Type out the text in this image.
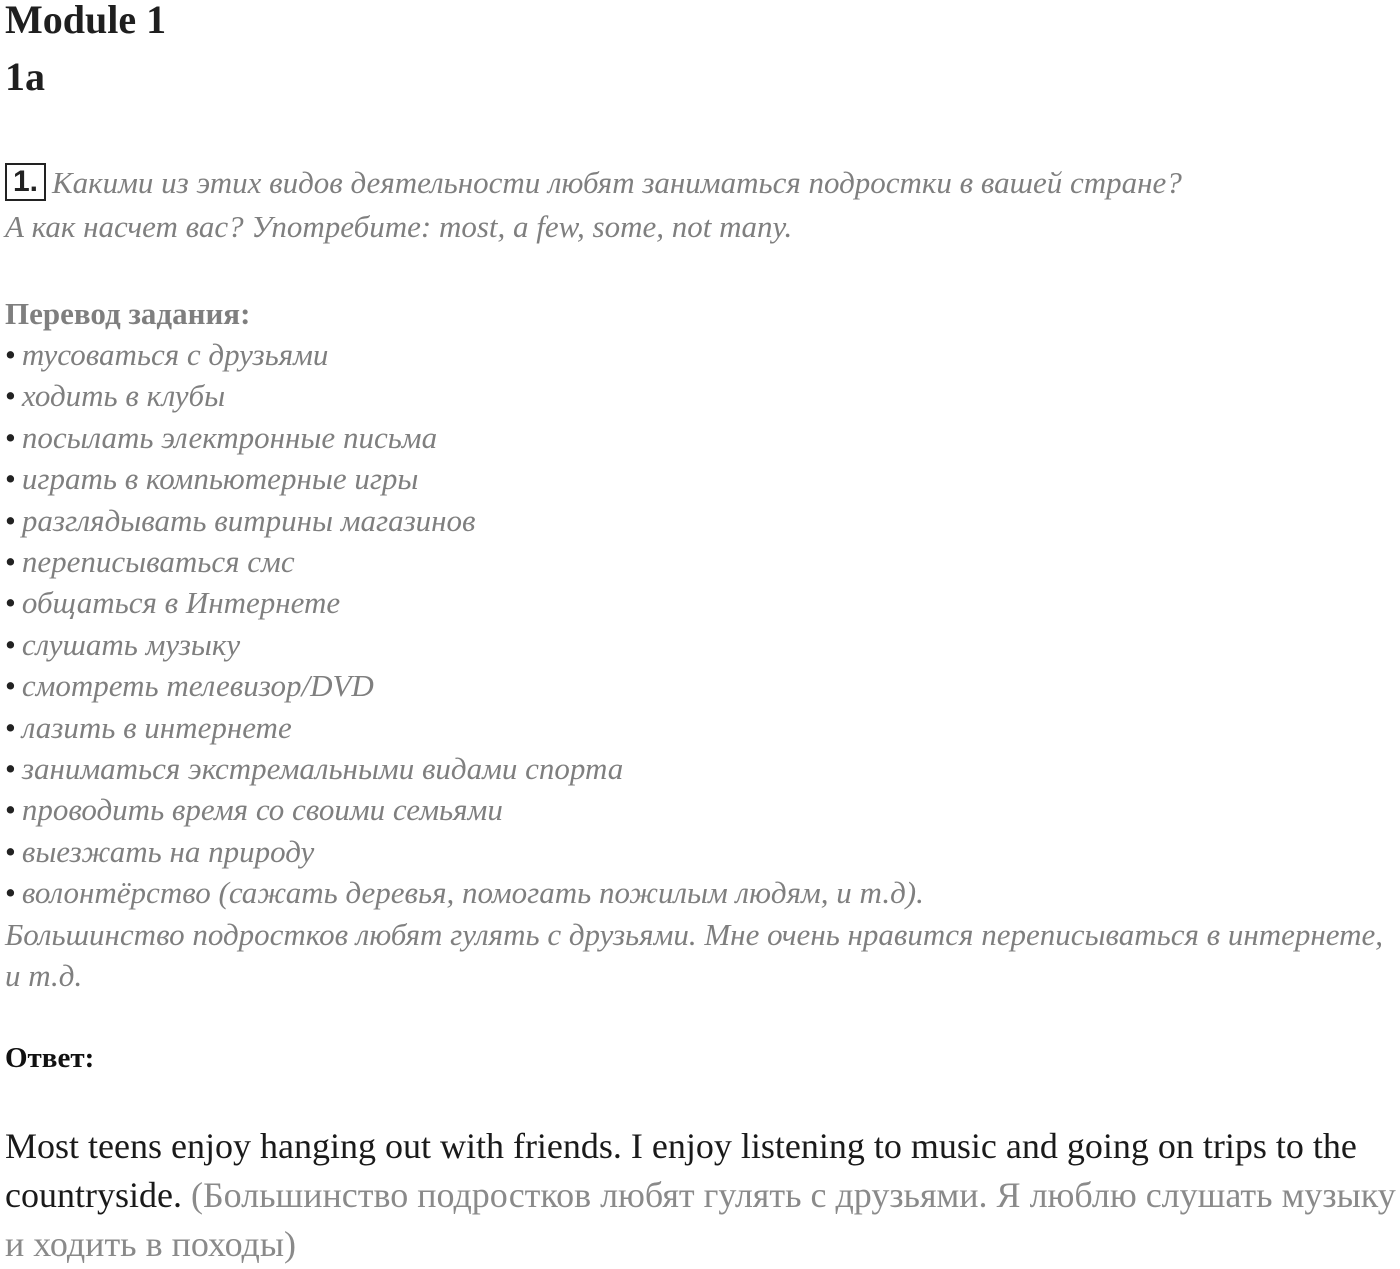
Module 1
1a
1. Какими из этих видов деятельности любят заниматься подростки в вашей стране?
А как насчет вас? Употребите: most, a few, some, not many.
Перевод задания:
• тусоваться с друзьями
• ходить в клубы
• посылать электронные письма
• играть в компьютерные игры
• разглядывать витрины магазинов
• переписываться смс
• общаться в Интернете
• слушать музыку
• смотреть телевизор/DVD
• лазить в интернете
• заниматься экстремальными видами спорта
• проводить время со своими семьями
• выезжать на природу
• волонтёрство (сажать деревья, помогать пожилым людям, и т.д).
Большинство подростков любят гулять с друзьями. Мне очень нравится переписываться в интернете, и т.д.
Ответ:
Most teens enjoy hanging out with friends. I enjoy listening to music and going on trips to the countryside. (Большинство подростков любят гулять с друзьями. Я люблю слушать музыку и ходить в походы)
